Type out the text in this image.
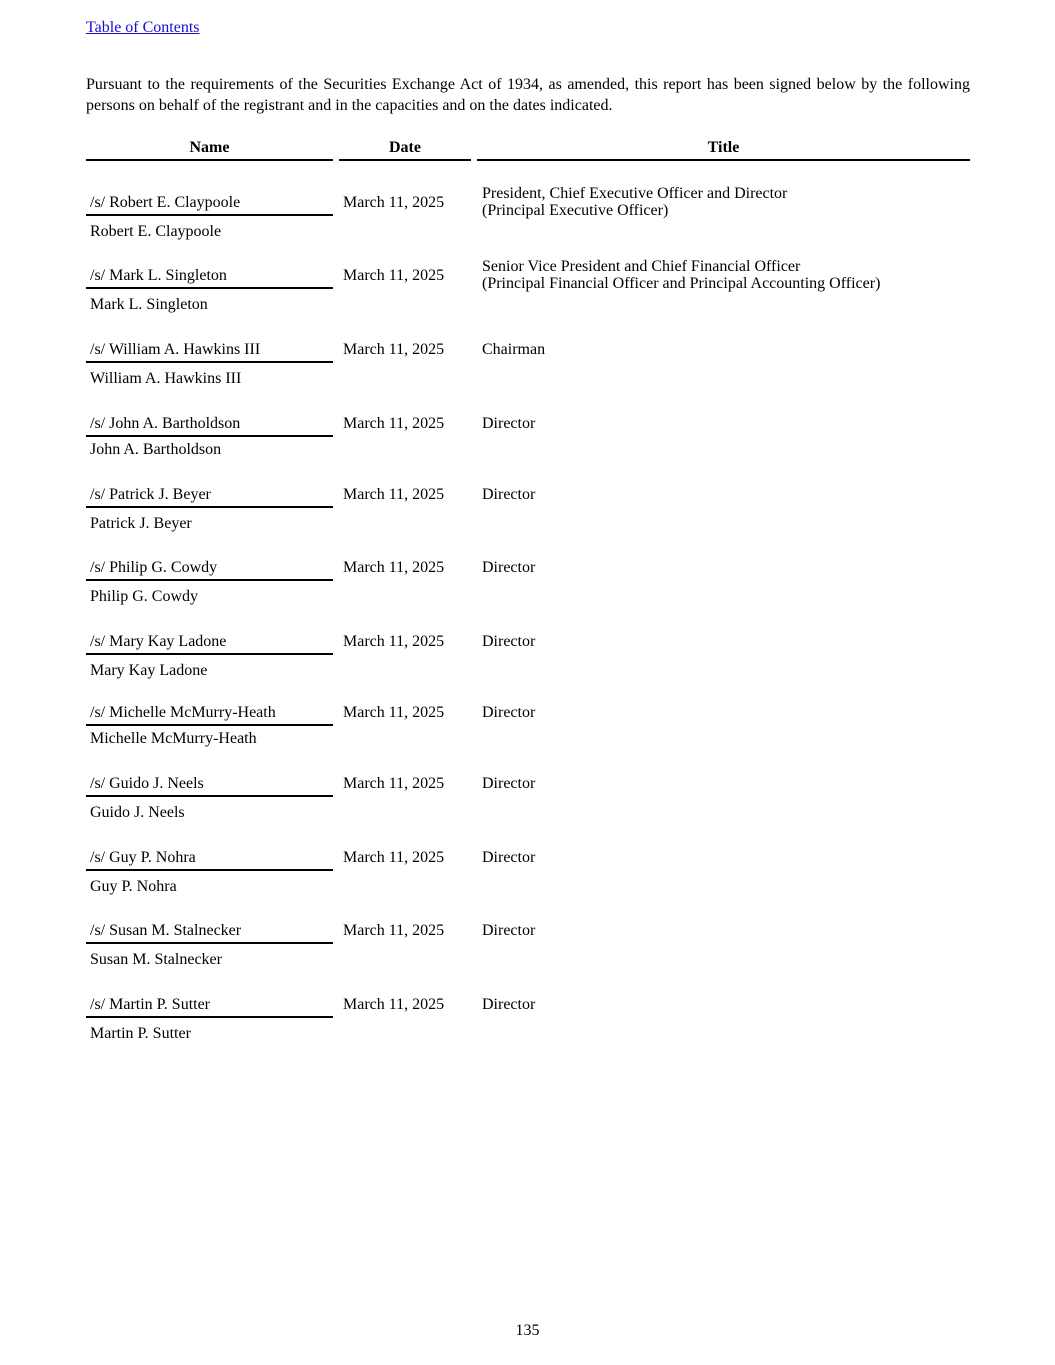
Table of Contents

Pursuant to the requirements of the Securities Exchange Act of 1934, as amended, this report has been signed below by the following persons on behalf of the registrant and in the capacities and on the dates indicated.

Name	Date	Title
/s/ Robert E. Claypoole
Robert E. Claypoole
March 11, 2025
President, Chief Executive Officer and Director
(Principal Executive Officer)
/s/ Mark L. Singleton
Mark L. Singleton
March 11, 2025
Senior Vice President and Chief Financial Officer
(Principal Financial Officer and Principal Accounting Officer)
/s/ William A. Hawkins III
William A. Hawkins III
March 11, 2025 Chairman
/s/ John A. Bartholdson
John A. Bartholdson
March 11, 2025 Director
/s/ Patrick J. Beyer
Patrick J. Beyer
March 11, 2025 Director
/s/ Philip G. Cowdy
Philip G. Cowdy
March 11, 2025 Director
/s/ Mary Kay Ladone
Mary Kay Ladone
March 11, 2025 Director
/s/ Michelle McMurry-Heath
Michelle McMurry-Heath
March 11, 2025 Director
/s/ Guido J. Neels
Guido J. Neels
March 11, 2025 Director
/s/ Guy P. Nohra
Guy P. Nohra
March 11, 2025 Director
/s/ Susan M. Stalnecker
Susan M. Stalnecker
March 11, 2025 Director
/s/ Martin P. Sutter
Martin P. Sutter
March 11, 2025 Director
135
